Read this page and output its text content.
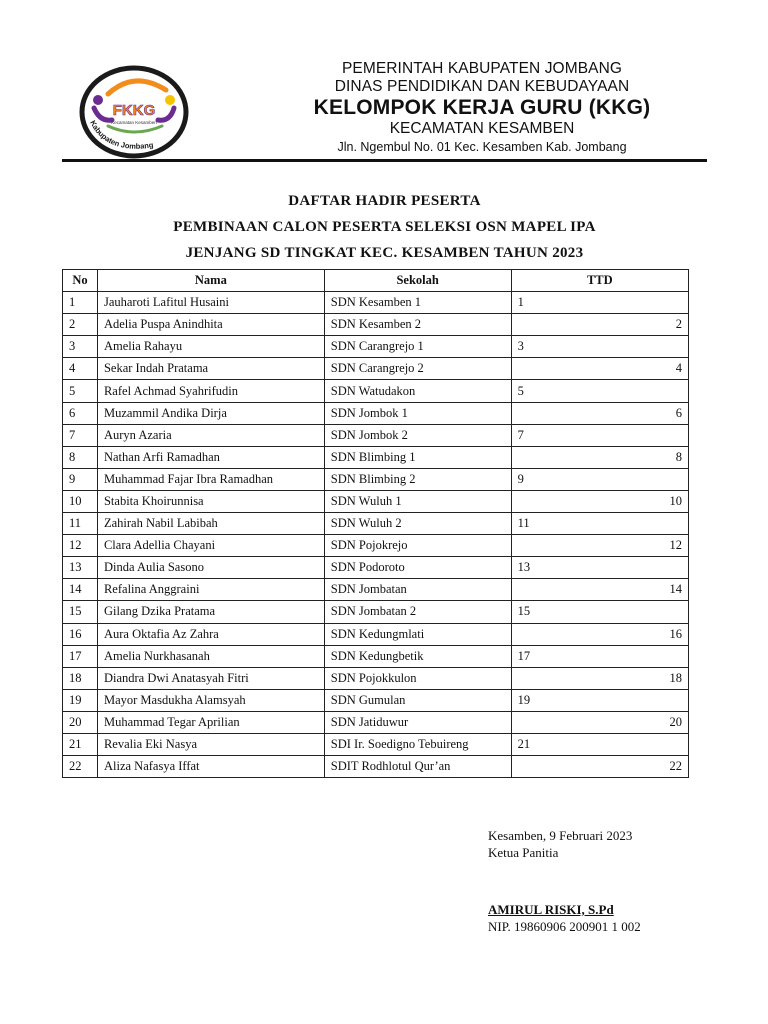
FKKG
Kecamatan Kesamben
Kabupaten Jombang
PEMERINTAH KABUPATEN JOMBANG
DINAS PENDIDIKAN DAN KEBUDAYAAN
KELOMPOK KERJA GURU (KKG)
KECAMATAN KESAMBEN
Jln. Ngembul No. 01 Kec. Kesamben Kab. Jombang
DAFTAR HADIR PESERTA
PEMBINAAN CALON PESERTA SELEKSI OSN MAPEL IPA
JENJANG SD TINGKAT KEC. KESAMBEN TAHUN 2023
No	Nama	Sekolah	TTD
1	Jauharoti Lafitul Husaini	SDN Kesamben 1	1
2	Adelia Puspa Anindhita	SDN Kesamben 2	2
3	Amelia Rahayu	SDN Carangrejo 1	3
4	Sekar Indah Pratama	SDN Carangrejo 2	4
5	Rafel Achmad Syahrifudin	SDN Watudakon	5
6	Muzammil Andika Dirja	SDN Jombok 1	6
7	Auryn Azaria	SDN Jombok 2	7
8	Nathan Arfi Ramadhan	SDN Blimbing 1	8
9	Muhammad Fajar Ibra Ramadhan	SDN Blimbing 2	9
10	Stabita Khoirunnisa	SDN Wuluh 1	10
11	Zahirah Nabil Labibah	SDN Wuluh 2	11
12	Clara Adellia Chayani	SDN Pojokrejo	12
13	Dinda Aulia Sasono	SDN Podoroto	13
14	Refalina Anggraini	SDN Jombatan	14
15	Gilang Dzika Pratama	SDN Jombatan 2	15
16	Aura Oktafia Az Zahra	SDN Kedungmlati	16
17	Amelia Nurkhasanah	SDN Kedungbetik	17
18	Diandra Dwi Anatasyah Fitri	SDN Pojokkulon	18
19	Mayor Masdukha Alamsyah	SDN Gumulan	19
20	Muhammad Tegar Aprilian	SDN Jatiduwur	20
21	Revalia Eki Nasya	SDI Ir. Soedigno Tebuireng	21
22	Aliza Nafasya Iffat	SDIT Rodhlotul Qur’an	22
Kesamben, 9 Februari 2023
Ketua Panitia
AMIRUL RISKI, S.Pd
NIP. 19860906 200901 1 002
